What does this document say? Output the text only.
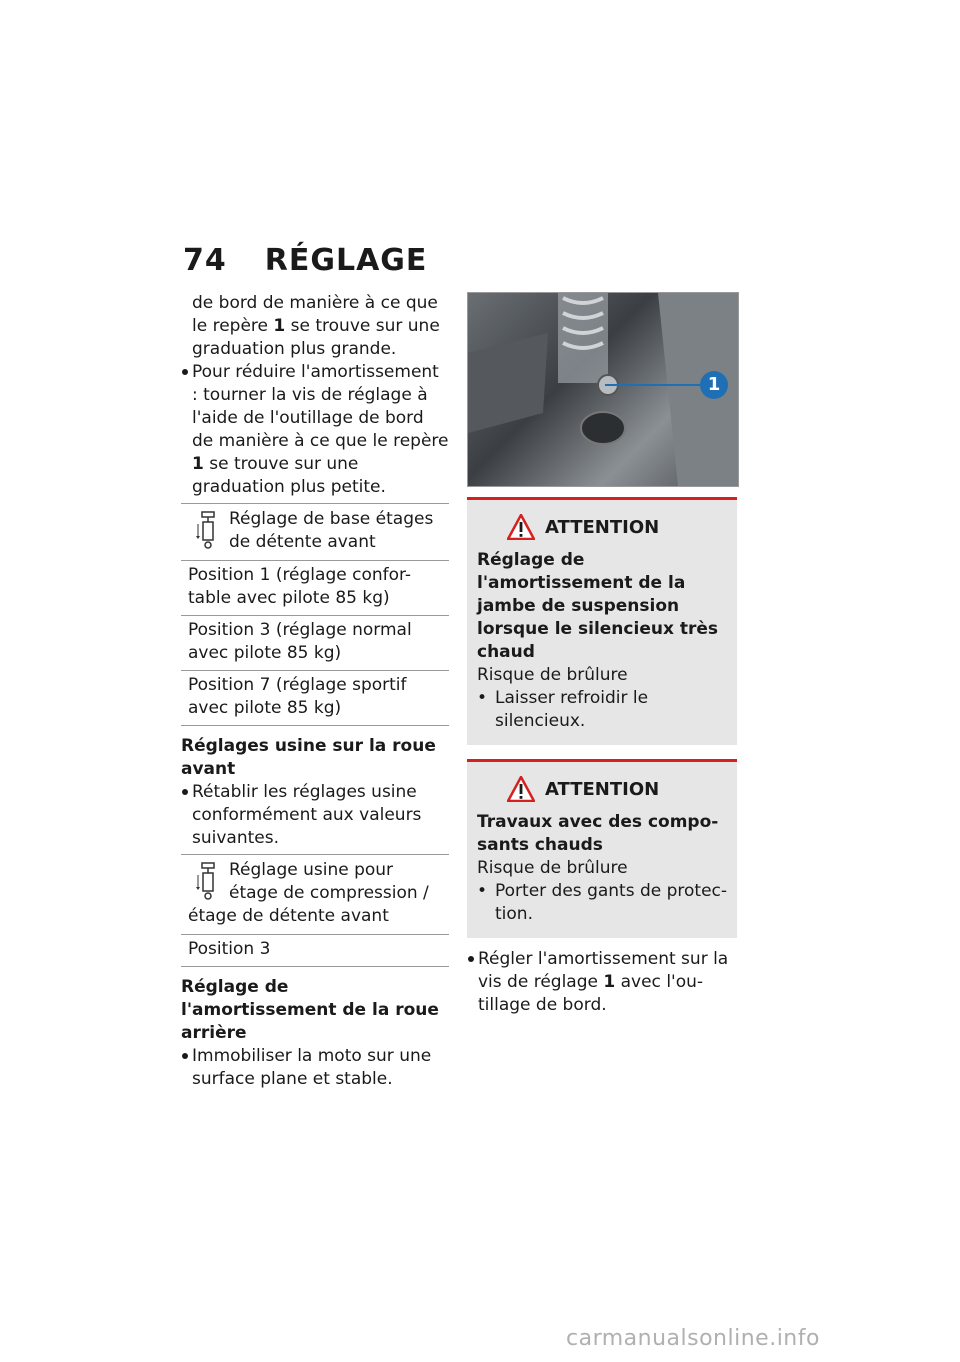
74 RÉGLAGE

de bord de manière à ce que le repère 1 se trouve sur une graduation plus grande.

Pour réduire l'amortissement : tourner la vis de réglage à l'aide de l'outillage de bord de manière à ce que le repère 1 se trouve sur une graduation plus petite.

Réglage de base étages de détente avant
Position 1 (réglage confor-table avec pilote 85 kg)
Position 3 (réglage normal avec pilote 85 kg)
Position 7 (réglage sportif avec pilote 85 kg)

Réglages usine sur la roue avant

Rétablir les réglages usine conformément aux valeurs suivantes.

Réglage usine pour étage de compression /
étage de détente avant
Position 3

Réglage de l'amortissement de la roue arrière

Immobiliser la moto sur une surface plane et stable.

1
ATTENTION

Réglage de l'amortissement de la jambe de suspension lorsque le silencieux très chaud

Risque de brûlure

• Laisser refroidir le silencieux.

ATTENTION

Travaux avec des compo-sants chauds

Risque de brûlure

• Porter des gants de protec-tion.

Régler l'amortissement sur la vis de réglage 1 avec l'ou-tillage de bord.

carmanualsonline.info
